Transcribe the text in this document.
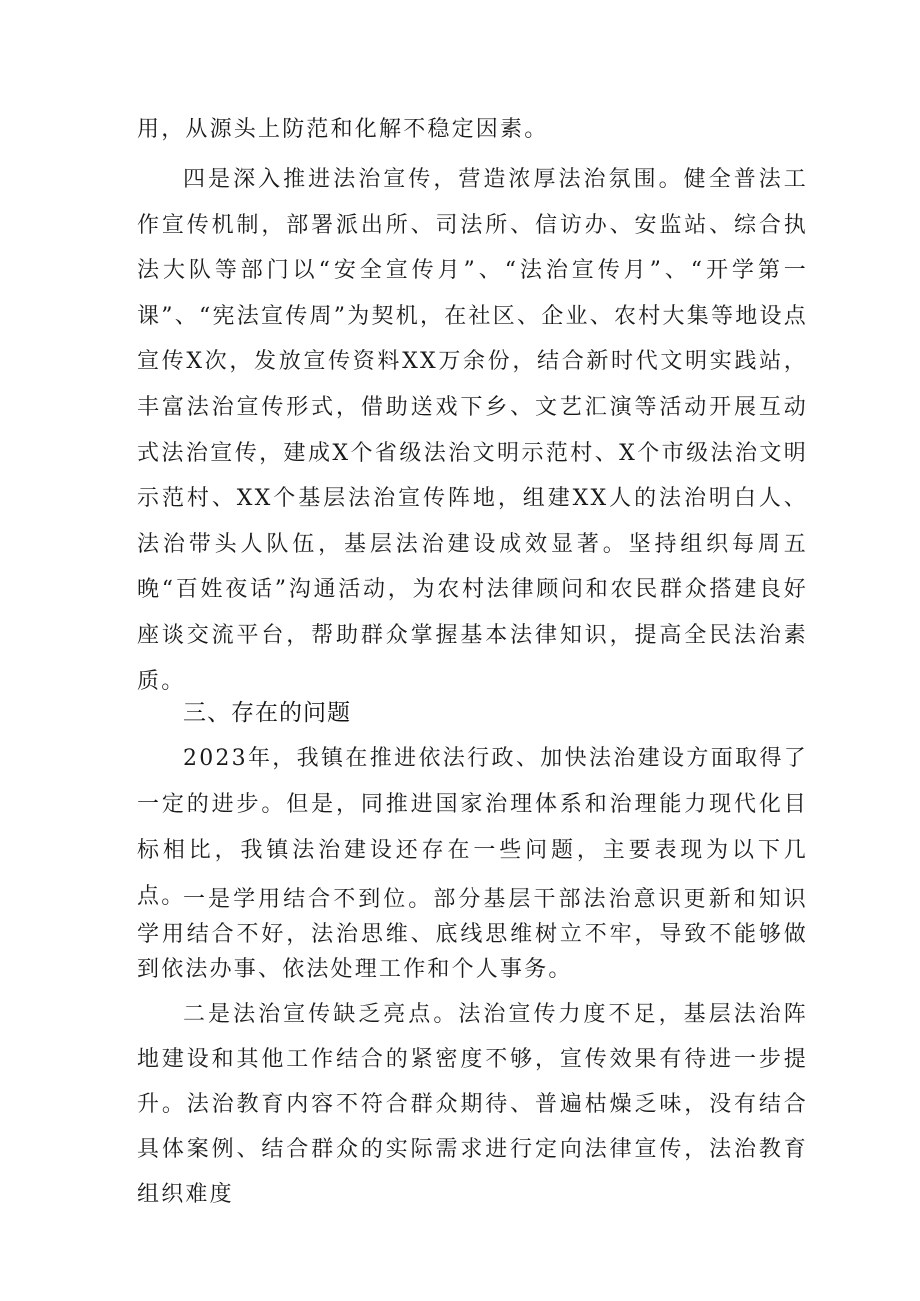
用，从源头上防范和化解不稳定因素。

四是深入推进法治宣传，营造浓厚法治氛围。健全普法工作宣传机制，部署派出所、司法所、信访办、安监站、综合执法大队等部门以“安全宣传月”、“法治宣传月”、“开学第一课”、“宪法宣传周”为契机，在社区、企业、农村大集等地设点宣传X次，发放宣传资料XX万余份，结合新时代文明实践站，丰富法治宣传形式，借助送戏下乡、文艺汇演等活动开展互动式法治宣传，建成X个省级法治文明示范村、X个市级法治文明示范村、XX个基层法治宣传阵地，组建XX人的法治明白人、法治带头人队伍，基层法治建设成效显著。坚持组织每周五晚“百姓夜话”沟通活动，为农村法律顾问和农民群众搭建良好座谈交流平台，帮助群众掌握基本法律知识，提高全民法治素质。

三、存在的问题

2023年，我镇在推进依法行政、加快法治建设方面取得了一定的进步。但是，同推进国家治理体系和治理能力现代化目标相比，我镇法治建设还存在一些问题，主要表现为以下几点。

一是学用结合不到位。部分基层干部法治意识更新和知识学用结合不好，法治思维、底线思维树立不牢，导致不能够做到依法办事、依法处理工作和个人事务。

二是法治宣传缺乏亮点。法治宣传力度不足，基层法治阵地建设和其他工作结合的紧密度不够，宣传效果有待进一步提升。法治教育内容不符合群众期待、普遍枯燥乏味，没有结合具体案例、结合群众的实际需求进行定向法律宣传，法治教育组织难度
